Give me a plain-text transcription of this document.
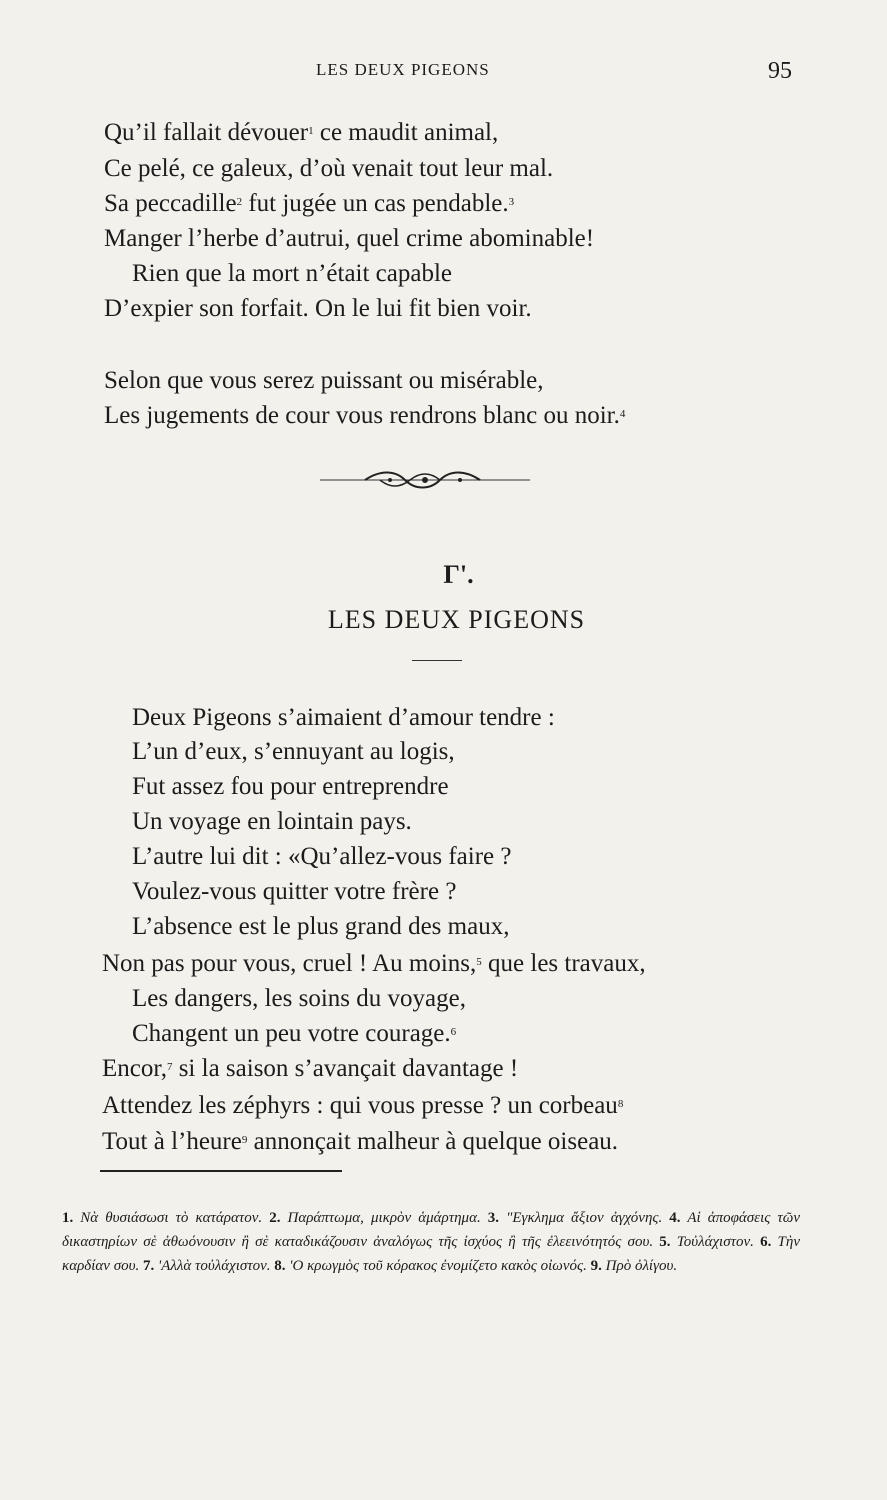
LES DEUX PIGEONS	95
Qu’il fallait dévouer$^1$ ce maudit animal,
Ce pelé, ce galeux, d’où venait tout leur mal.
Sa peccadille$^2$ fut jugée un cas pendable.$^3$
Manger l’herbe d’autrui, quel crime abominable!
Rien que la mort n’était capable
D’expier son forfait. On le lui fit bien voir.
Selon que vous serez puissant ou misérable,
Les jugements de cour vous rendrons blanc ou noir.$^4$
Γ'.
LES DEUX PIGEONS
Deux Pigeons s’aimaient d’amour tendre :
L’un d’eux, s’ennuyant au logis,
Fut assez fou pour entreprendre
Un voyage en lointain pays.
L’autre lui dit : «Qu’allez-vous faire ?
Voulez-vous quitter votre frère ?
L’absence est le plus grand des maux,
Non pas pour vous, cruel ! Au moins,$^5$ que les travaux,
Les dangers, les soins du voyage,
Changent un peu votre courage.$^6$
Encor,$^7$ si la saison s’avançait davantage !
Attendez les zéphyrs : qui vous presse ? un corbeau$^8$
Tout à l’heure$^9$ annonçait malheur à quelque oiseau.
1. Νὰ θυσιάσωσι τὸ κατάρατον. 2. Παράπτωμα, μικρὸν ἁμάρτημα. 3. "Εγκλημα ἄξιον ἀγχόνης. 4. Αἱ ἀποφάσεις τῶν δικαστηρίων σὲ ἀθωόνουσιν ἢ σὲ καταδικάζουσιν ἀναλόγως τῆς ἰσχύος ἢ τῆς ἐλεεινότητός σου. 5. Τοὐλάχιστον. 6. Τὴν καρδίαν σου. 7. 'Αλλὰ τοὐλάχιστον. 8. 'Ο κρωγμὸς τοῦ κόρακος ἐνομίζετο κακὸς οἰωνός. 9. Πρὸ ὀλίγου.
